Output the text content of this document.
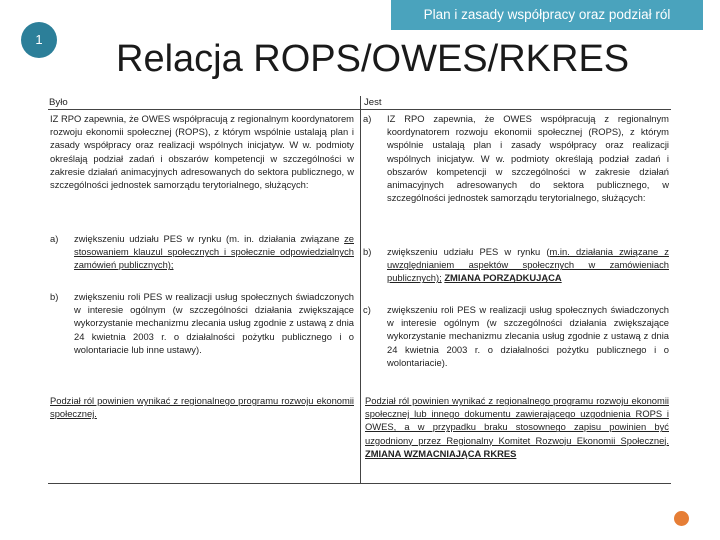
Plan i zasady współpracy oraz podział ról
1	Relacja ROPS/OWES/RKRES
Było
IZ RPO zapewnia, że OWES współpracują z regionalnym koordynatorem rozwoju ekonomii społecznej (ROPS), z którym wspólnie ustalają plan i zasady współpracy oraz realizacji wspólnych inicjatyw. W w. podmioty określają podział zadań i obszarów kompetencji w szczególności w zakresie działań animacyjnych adresowanych do sektora publicznego, w szczególności jednostek samorządu terytorialnego, służących:
a) zwiększeniu udziału PES w rynku (m. in. działania związane ze stosowaniem klauzul społecznych i społecznie odpowiedzialnych zamówień publicznych);
b) zwiększeniu roli PES w realizacji usług społecznych świadczonych w interesie ogólnym (w szczególności działania zwiększające wykorzystanie mechanizmu zlecania usług zgodnie z ustawą z dnia 24 kwietnia 2003 r. o działalności pożytku publicznego i o wolontariacie lub inne ustawy).
Podział ról powinien wynikać z regionalnego programu rozwoju ekonomii społecznej.
Jest
a) IZ RPO zapewnia, że OWES współpracują z regionalnym koordynatorem rozwoju ekonomii społecznej (ROPS), z którym wspólnie ustalają plan i zasady współpracy oraz realizacji wspólnych inicjatyw. W w. podmioty określają podział zadań i obszarów kompetencji w szczególności w zakresie działań animacyjnych adresowanych do sektora publicznego, w szczególności jednostek samorządu terytorialnego, służących:
b) zwiększeniu udziału PES w rynku (m.in. działania związane z uwzględnianiem aspektów społecznych w zamówieniach publicznych); ZMIANA PORZĄDKUJĄCA
c) zwiększeniu roli PES w realizacji usług społecznych świadczonych w interesie ogólnym (w szczególności działania zwiększające wykorzystanie mechanizmu zlecania usług zgodnie z ustawą z dnia 24 kwietnia 2003 r. o działalności pożytku publicznego i o wolontariacie).
Podział ról powinien wynikać z regionalnego programu rozwoju ekonomii społecznej lub innego dokumentu zawierającego uzgodnienia ROPS i OWES, a w przypadku braku stosownego zapisu powinien być uzgodniony przez Regionalny Komitet Rozwoju Ekonomii Społecznej. ZMIANA WZMACNIAJĄCA RKRES
